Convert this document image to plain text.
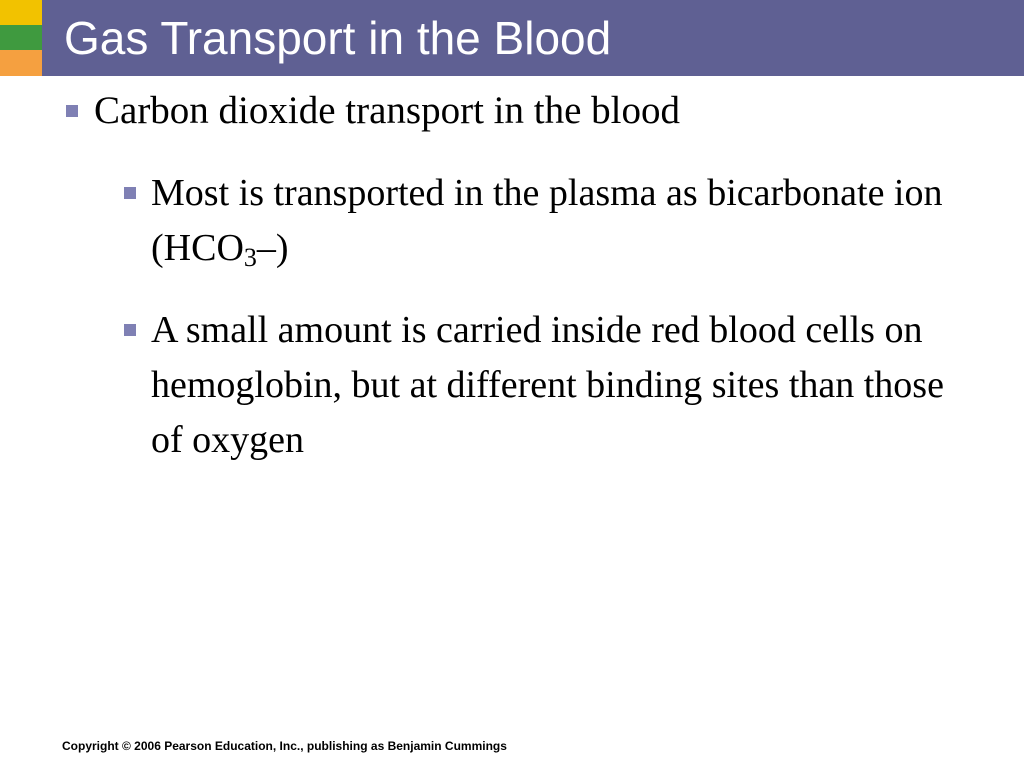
Gas Transport in the Blood
Carbon dioxide transport in the blood
Most is transported in the plasma as bicarbonate ion $(HCO_3-)$
A small amount is carried inside red blood cells on hemoglobin, but at different binding sites than those of oxygen
Copyright © 2006 Pearson Education, Inc., publishing as Benjamin Cummings
